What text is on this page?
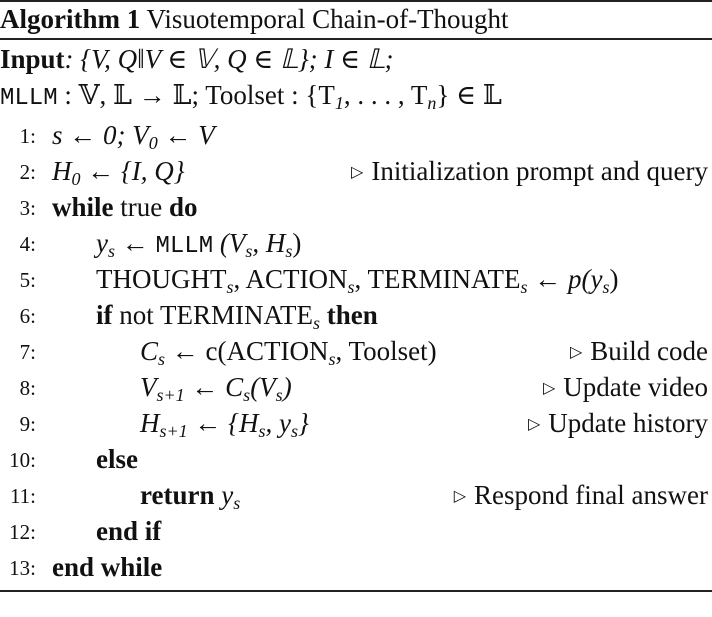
Algorithm 1 Visuotemporal Chain-of-Thought
Input: {V, Q‖V ∈ 𝕍, Q ∈ 𝕃}; I ∈ 𝕃;
MLLM : 𝕍, 𝕃 → 𝕃; Toolset : {$T_1$, . . . , $T_n$} ∈ 𝕃
1: s ← 0; $V_0$ ← V
2: $H_0$ ← {I, Q}	▷ Initialization prompt and query
3: while true do
4: $y_s$ ← MLLM ($V_s$, $H_s$)
5: $THOUGHT_s$, $ACTION_s$, $TERMINATE_s$ ← $p(y_s)$
6: if not $TERMINATE_s$ then
7:	$C_s$ ← $c(ACTION_s$, Toolset)	▷ Build code
8:	$V_{s+1}$ ← $C_s(V_s)$	▷ Update video
9:	$H_{s+1}$ ← {$H_s$, $y_s$}	▷ Update history
10: else
11:	return $y_s$	▷ Respond final answer
12: end if
13: end while
